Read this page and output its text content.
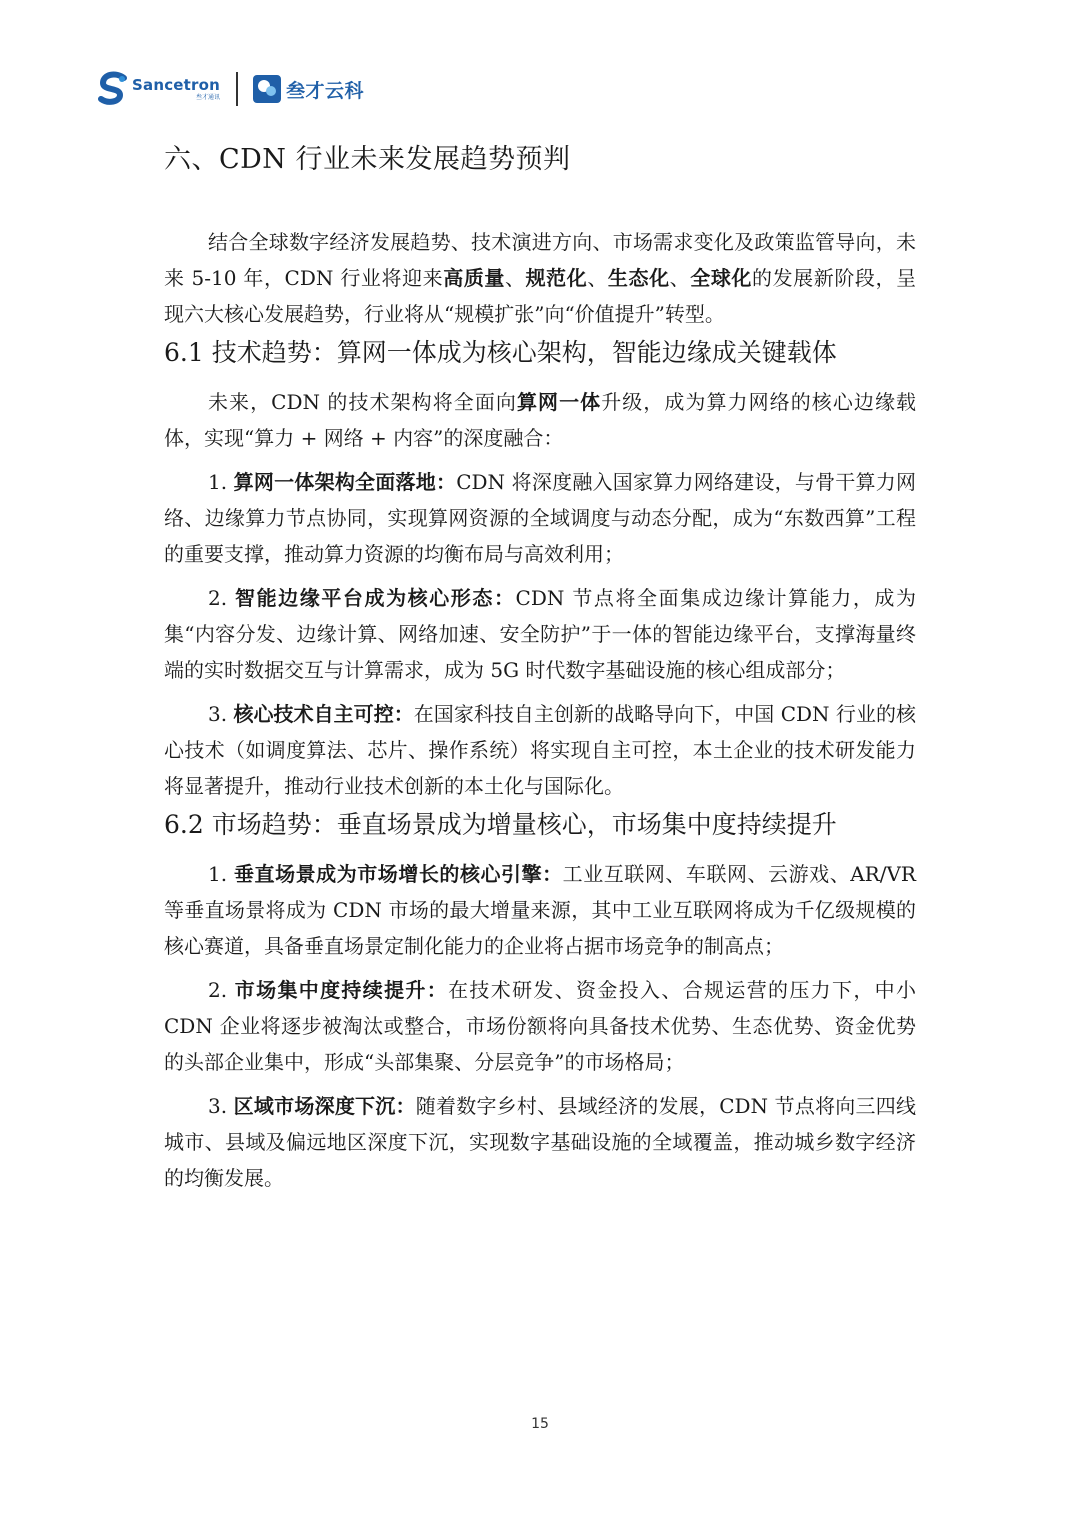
Sancetron
叁才通讯	叁才云科
六、CDN 行业未来发展趋势预判

结合全球数字经济发展趋势、技术演进方向、市场需求变化及政策监管导向，未来 5-10 年，CDN 行业将迎来高质量、规范化、生态化、全球化的发展新阶段，呈现六大核心发展趋势，行业将从“规模扩张”向“价值提升”转型。

6.1 技术趋势：算网一体成为核心架构，智能边缘成关键载体

未来，CDN 的技术架构将全面向算网一体升级，成为算力网络的核心边缘载体，实现“算力 + 网络 + 内容”的深度融合：

1. 算网一体架构全面落地：CDN 将深度融入国家算力网络建设，与骨干算力网络、边缘算力节点协同，实现算网资源的全域调度与动态分配，成为“东数西算”工程的重要支撑，推动算力资源的均衡布局与高效利用；

2. 智能边缘平台成为核心形态：CDN 节点将全面集成边缘计算能力，成为集“内容分发、边缘计算、网络加速、安全防护”于一体的智能边缘平台，支撑海量终端的实时数据交互与计算需求，成为 5G 时代数字基础设施的核心组成部分；

3. 核心技术自主可控：在国家科技自主创新的战略导向下，中国 CDN 行业的核心技术（如调度算法、芯片、操作系统）将实现自主可控，本土企业的技术研发能力将显著提升，推动行业技术创新的本土化与国际化。

6.2 市场趋势：垂直场景成为增量核心，市场集中度持续提升

1. 垂直场景成为市场增长的核心引擎：工业互联网、车联网、云游戏、AR/VR 等垂直场景将成为 CDN 市场的最大增量来源，其中工业互联网将成为千亿级规模的核心赛道，具备垂直场景定制化能力的企业将占据市场竞争的制高点；

2. 市场集中度持续提升：在技术研发、资金投入、合规运营的压力下，中小 CDN 企业将逐步被淘汰或整合，市场份额将向具备技术优势、生态优势、资金优势的头部企业集中，形成“头部集聚、分层竞争”的市场格局；

3. 区域市场深度下沉：随着数字乡村、县域经济的发展，CDN 节点将向三四线城市、县域及偏远地区深度下沉，实现数字基础设施的全域覆盖，推动城乡数字经济的均衡发展。

15
